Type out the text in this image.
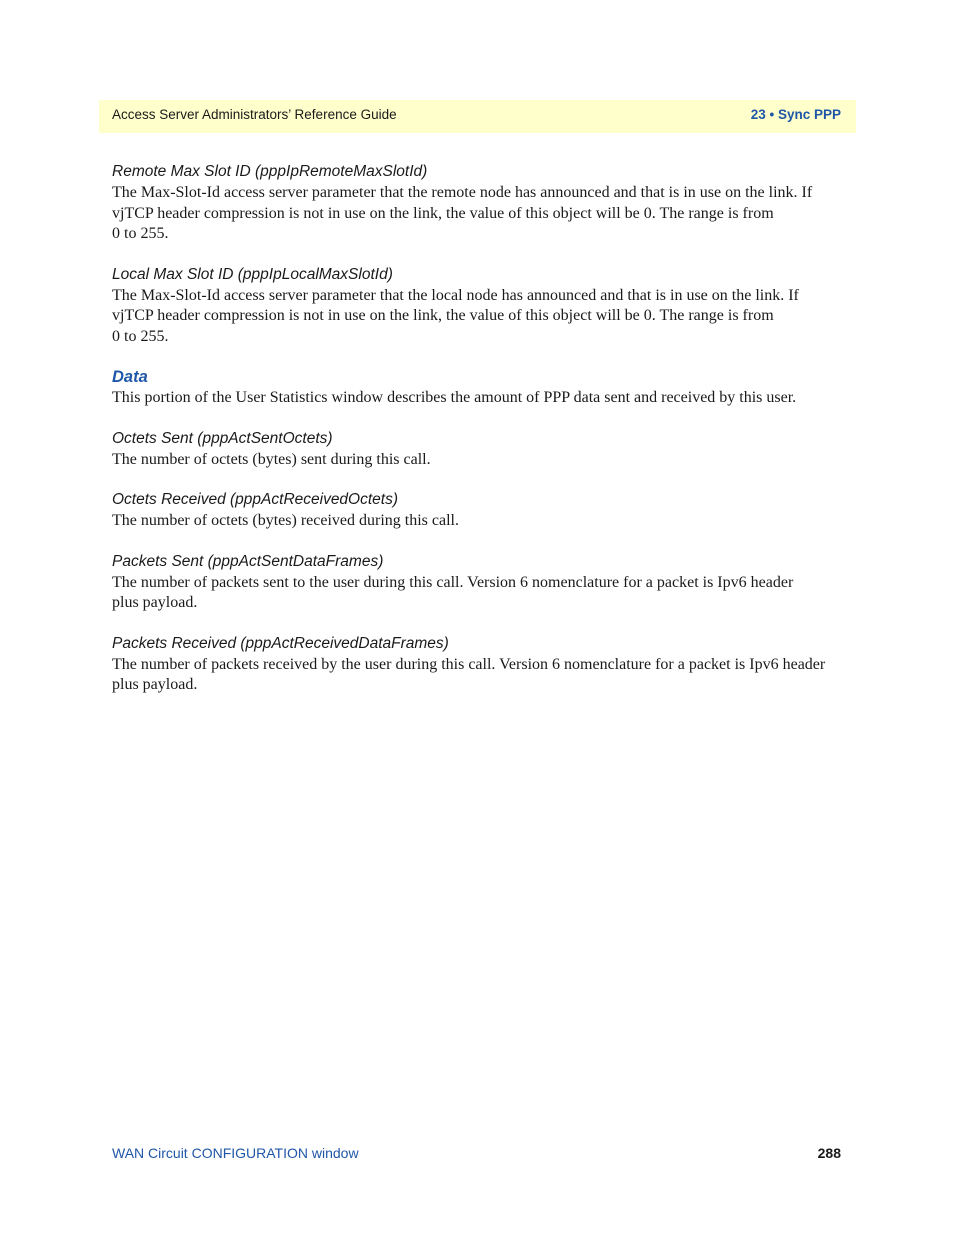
Access Server Administrators’ Reference Guide	23 • Sync PPP

Remote Max Slot ID (pppIpRemoteMaxSlotId)

The Max-Slot-Id access server parameter that the remote node has announced and that is in use on the link. If
vjTCP header compression is not in use on the link, the value of this object will be 0. The range is from
0 to 255.

Local Max Slot ID (pppIpLocalMaxSlotId)

The Max-Slot-Id access server parameter that the local node has announced and that is in use on the link. If
vjTCP header compression is not in use on the link, the value of this object will be 0. The range is from
0 to 255.

Data

This portion of the User Statistics window describes the amount of PPP data sent and received by this user.

Octets Sent (pppActSentOctets)

The number of octets (bytes) sent during this call.

Octets Received (pppActReceivedOctets)

The number of octets (bytes) received during this call.

Packets Sent (pppActSentDataFrames)

The number of packets sent to the user during this call. Version 6 nomenclature for a packet is Ipv6 header
plus payload.

Packets Received (pppActReceivedDataFrames)

The number of packets received by the user during this call. Version 6 nomenclature for a packet is Ipv6 header
plus payload.
WAN Circuit CONFIGURATION window	288
